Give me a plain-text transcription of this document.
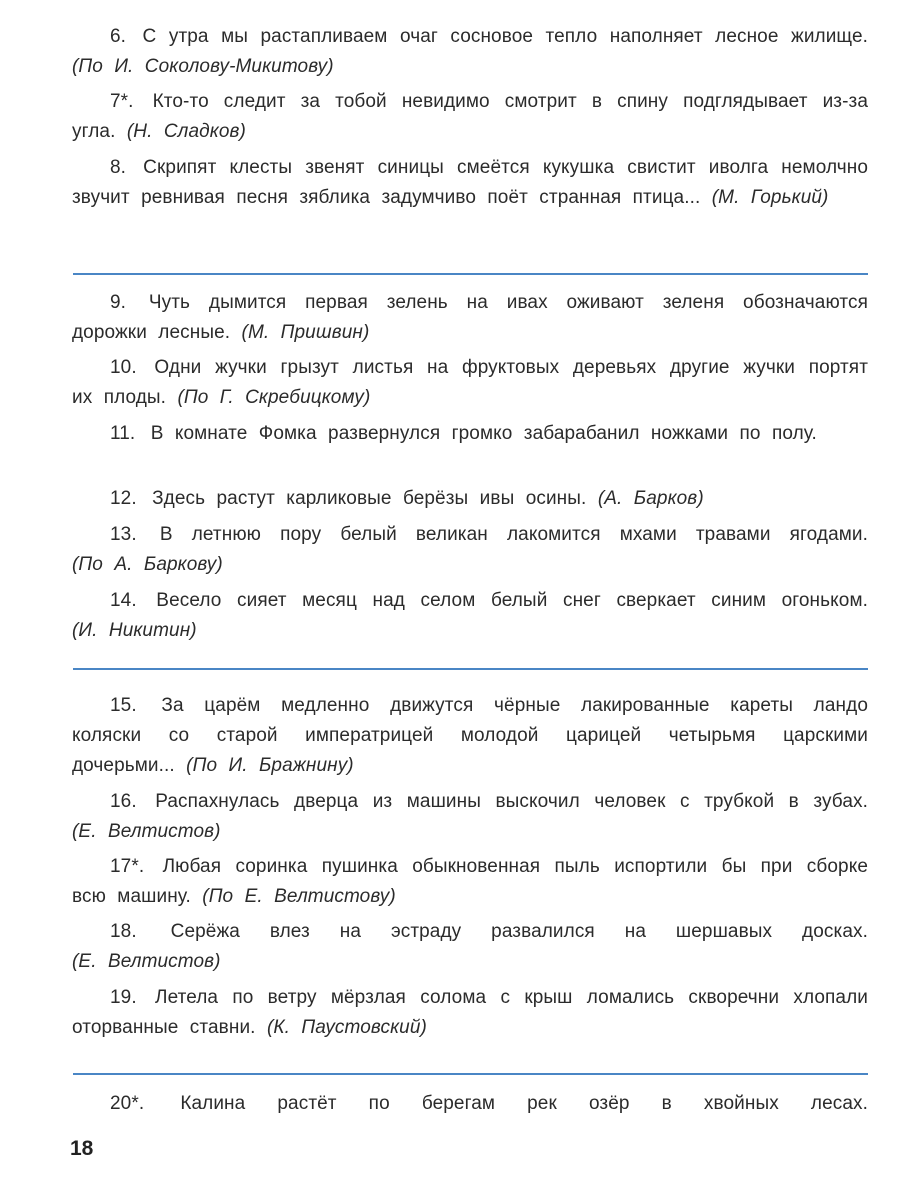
6. С утра мы растапливаем очаг сосновое тепло наполняет лесное жилище. (По И. Соколову-Микитову)
7*. Кто-то следит за тобой невидимо смотрит в спину подглядывает из-за угла. (Н. Сладков)
8. Скрипят клесты звенят синицы смеётся кукушка свистит иволга немолчно звучит ревнивая песня зяблика задумчиво поёт странная птица... (М. Горький)
9. Чуть дымится первая зелень на ивах оживают зеленя обозначаются дорожки лесные. (М. Пришвин)
10. Одни жучки грызут листья на фруктовых деревьях другие жучки портят их плоды. (По Г. Скребицкому)
11. В комнате Фомка развернулся громко забарабанил ножками по полу.
12. Здесь растут карликовые берёзы ивы осины. (А. Барков)
13. В летнюю пору белый великан лакомится мхами травами ягодами. (По А. Баркову)
14. Весело сияет месяц над селом белый снег сверкает синим огоньком. (И. Никитин)
15. За царём медленно движутся чёрные лакированные кареты ландо коляски со старой императрицей молодой царицей четырьмя царскими дочерьми... (По И. Бражнину)
16. Распахнулась дверца из машины выскочил человек с трубкой в зубах. (Е. Велтистов)
17*. Любая соринка пушинка обыкновенная пыль испортили бы при сборке всю машину. (По Е. Велтистову)
18. Серёжа влез на эстраду развалился на шершавых досках. (Е. Велтистов)
19. Летела по ветру мёрзлая солома с крыш ломались скворечни хлопали оторванные ставни. (К. Паустовский)
20*. Калина растёт по берегам рек озёр в хвойных лесах.
18
